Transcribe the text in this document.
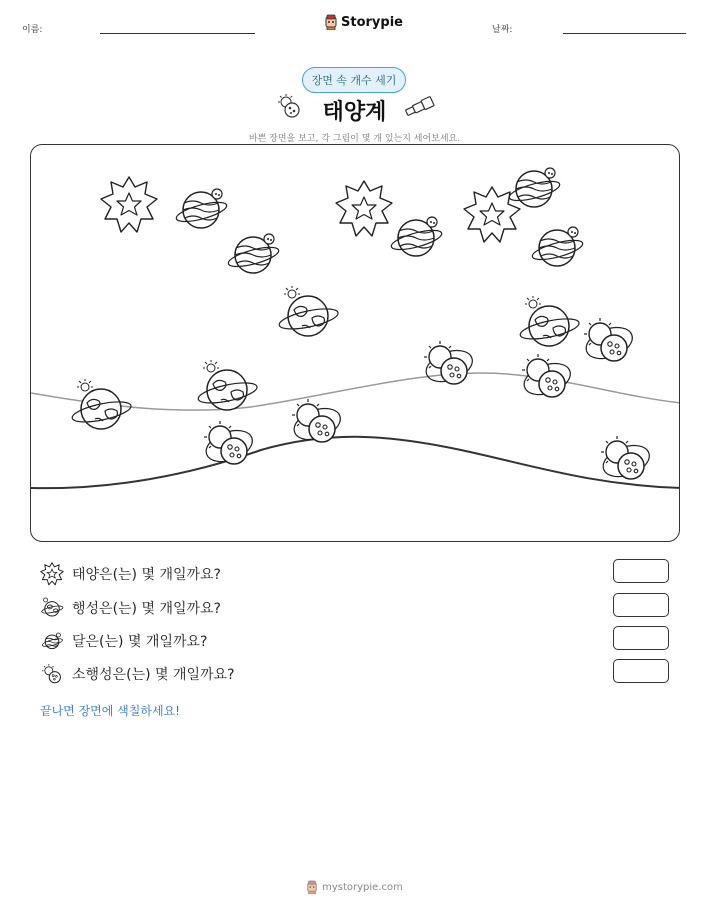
이름:
Storypie
날짜:
장면 속 개수 세기
태양계
바쁜 장면을 보고, 각 그림이 몇 개 있는지 세어보세요.
태양은(는) 몇 개일까요?
행성은(는) 몇 개일까요?
달은(는) 몇 개일까요?
소행성은(는) 몇 개일까요?
끝나면 장면에 색칠하세요!
mystorypie.com
